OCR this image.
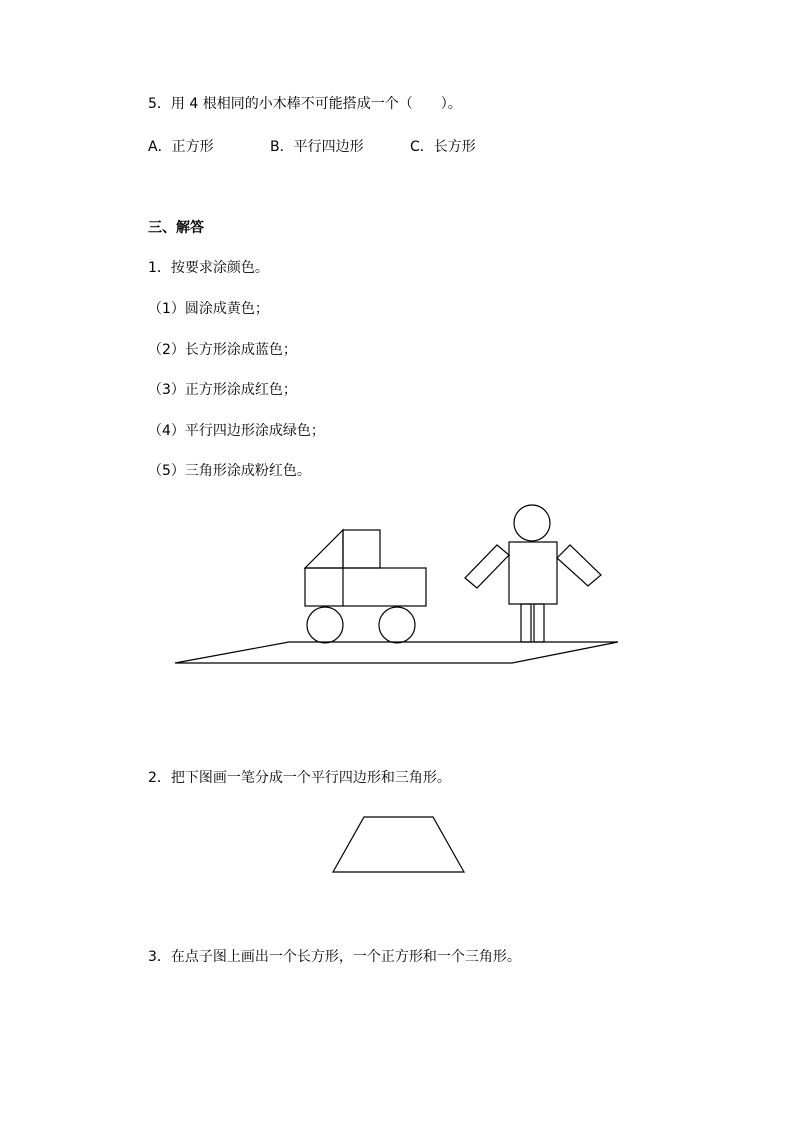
5．用 4 根相同的小木棒不可能搭成一个（　　）。
A．正方形	B．平行四边形	C．长方形
三、解答
1．按要求涂颜色。
（1）圆涂成黄色；
（2）长方形涂成蓝色；
（3）正方形涂成红色；
（4）平行四边形涂成绿色；
（5）三角形涂成粉红色。
2．把下图画一笔分成一个平行四边形和三角形。
3．在点子图上画出一个长方形，一个正方形和一个三角形。
